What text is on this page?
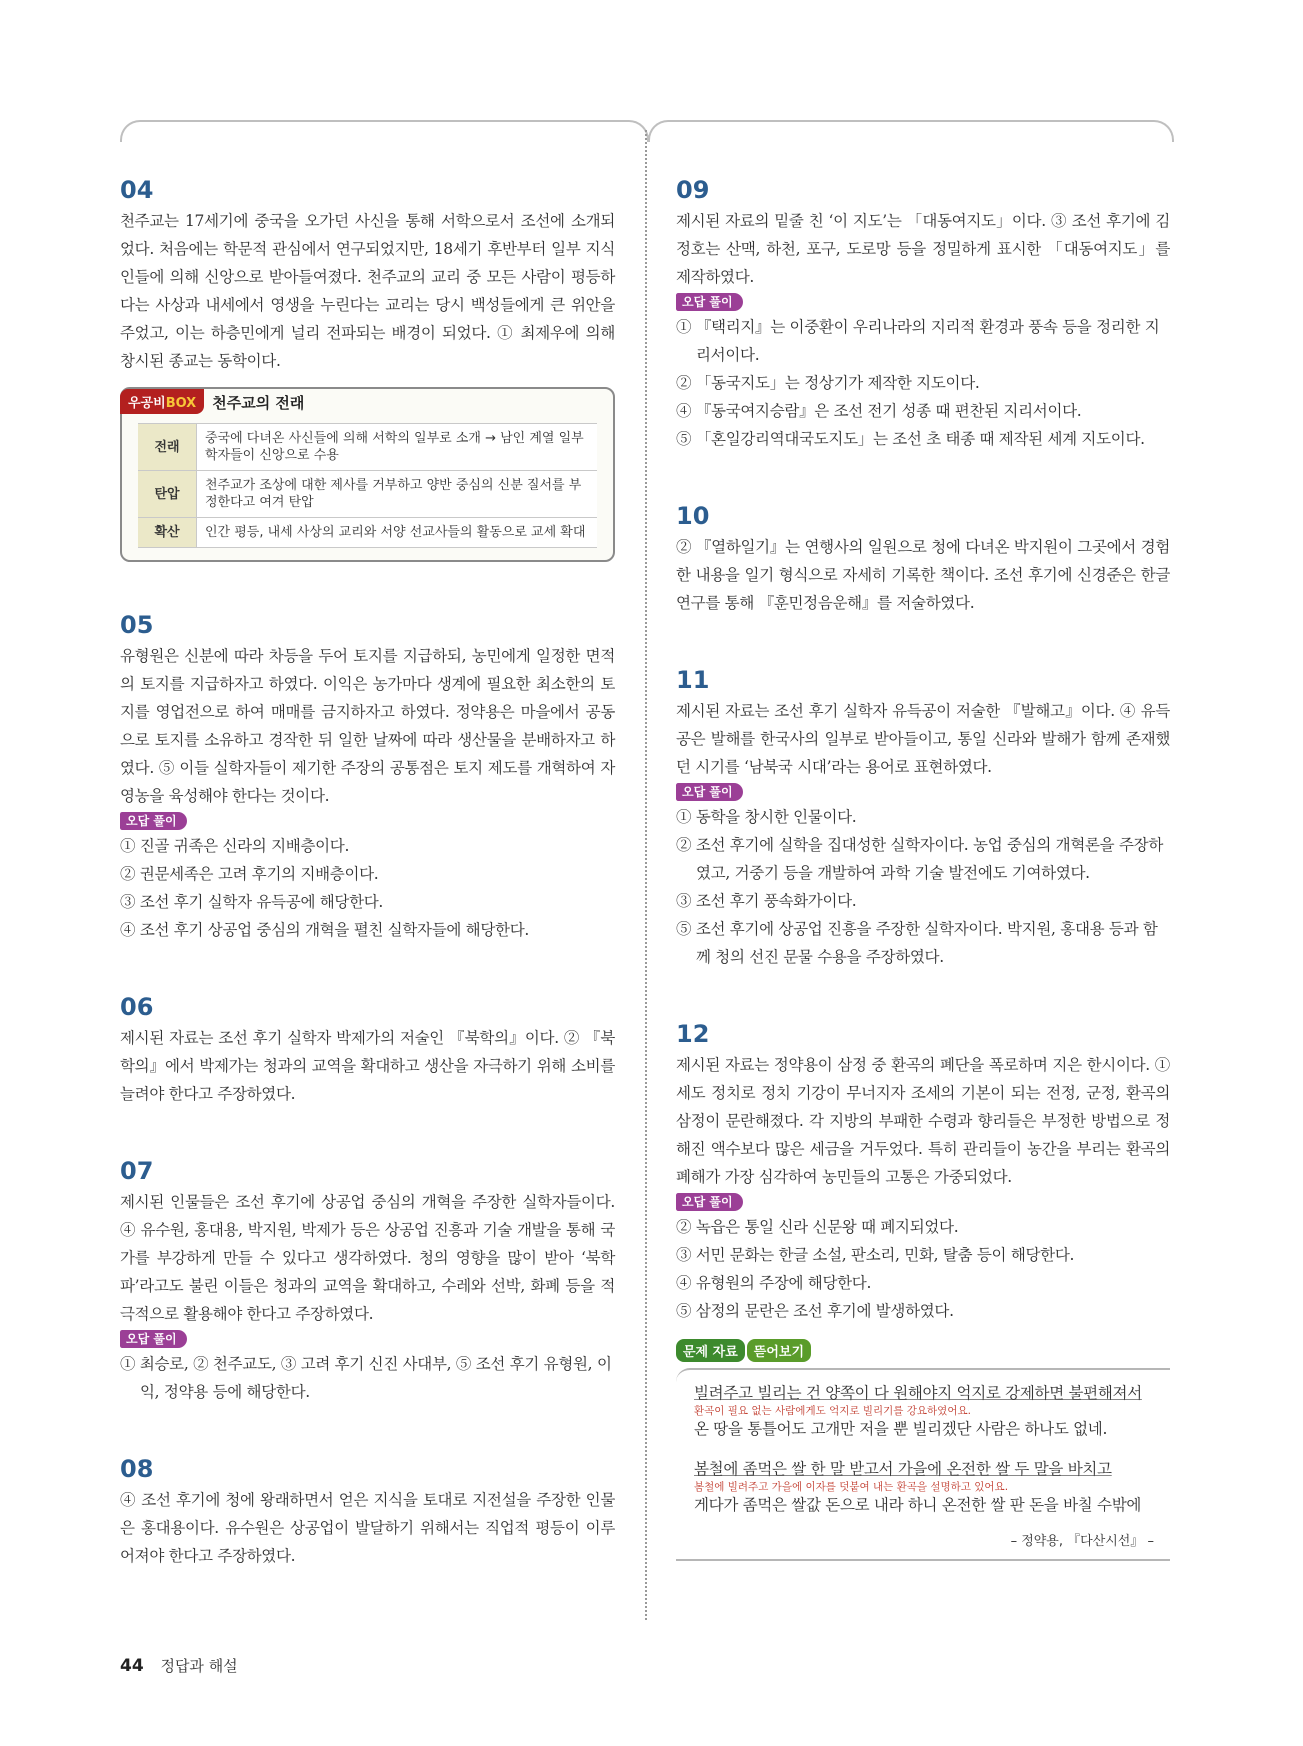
04

천주교는 17세기에 중국을 오가던 사신을 통해 서학으로서 조선에 소개되었다. 처음에는 학문적 관심에서 연구되었지만, 18세기 후반부터 일부 지식인들에 의해 신앙으로 받아들여졌다. 천주교의 교리 중 모든 사람이 평등하다는 사상과 내세에서 영생을 누린다는 교리는 당시 백성들에게 큰 위안을 주었고, 이는 하층민에게 널리 전파되는 배경이 되었다. ① 최제우에 의해 창시된 종교는 동학이다.

우공비BOX	천주교의 전래
전래	중국에 다녀온 사신들에 의해 서학의 일부로 소개 → 남인 계열 일부 학자들이 신앙으로 수용
탄압	천주교가 조상에 대한 제사를 거부하고 양반 중심의 신분 질서를 부정한다고 여겨 탄압
확산	인간 평등, 내세 사상의 교리와 서양 선교사들의 활동으로 교세 확대
05

유형원은 신분에 따라 차등을 두어 토지를 지급하되, 농민에게 일정한 면적의 토지를 지급하자고 하였다. 이익은 농가마다 생계에 필요한 최소한의 토지를 영업전으로 하여 매매를 금지하자고 하였다. 정약용은 마을에서 공동으로 토지를 소유하고 경작한 뒤 일한 날짜에 따라 생산물을 분배하자고 하였다. ⑤ 이들 실학자들이 제기한 주장의 공통점은 토지 제도를 개혁하여 자영농을 육성해야 한다는 것이다.

오답 풀이

① 진골 귀족은 신라의 지배층이다.

② 권문세족은 고려 후기의 지배층이다.

③ 조선 후기 실학자 유득공에 해당한다.

④ 조선 후기 상공업 중심의 개혁을 펼친 실학자들에 해당한다.

06

제시된 자료는 조선 후기 실학자 박제가의 저술인 『북학의』이다. ② 『북학의』에서 박제가는 청과의 교역을 확대하고 생산을 자극하기 위해 소비를 늘려야 한다고 주장하였다.

07

제시된 인물들은 조선 후기에 상공업 중심의 개혁을 주장한 실학자들이다. ④ 유수원, 홍대용, 박지원, 박제가 등은 상공업 진흥과 기술 개발을 통해 국가를 부강하게 만들 수 있다고 생각하였다. 청의 영향을 많이 받아 ‘북학파’라고도 불린 이들은 청과의 교역을 확대하고, 수레와 선박, 화폐 등을 적극적으로 활용해야 한다고 주장하였다.

오답 풀이

① 최승로, ② 천주교도, ③ 고려 후기 신진 사대부, ⑤ 조선 후기 유형원, 이익, 정약용 등에 해당한다.

08

④ 조선 후기에 청에 왕래하면서 얻은 지식을 토대로 지전설을 주장한 인물은 홍대용이다. 유수원은 상공업이 발달하기 위해서는 직업적 평등이 이루어져야 한다고 주장하였다.

09

제시된 자료의 밑줄 친 ‘이 지도’는 「대동여지도」이다. ③ 조선 후기에 김정호는 산맥, 하천, 포구, 도로망 등을 정밀하게 표시한 「대동여지도」를 제작하였다.

오답 풀이

① 『택리지』는 이중환이 우리나라의 지리적 환경과 풍속 등을 정리한 지리서이다.

② 「동국지도」는 정상기가 제작한 지도이다.

④ 『동국여지승람』은 조선 전기 성종 때 편찬된 지리서이다.

⑤ 「혼일강리역대국도지도」는 조선 초 태종 때 제작된 세계 지도이다.

10

② 『열하일기』는 연행사의 일원으로 청에 다녀온 박지원이 그곳에서 경험한 내용을 일기 형식으로 자세히 기록한 책이다. 조선 후기에 신경준은 한글 연구를 통해 『훈민정음운해』를 저술하였다.

11

제시된 자료는 조선 후기 실학자 유득공이 저술한 『발해고』이다. ④ 유득공은 발해를 한국사의 일부로 받아들이고, 통일 신라와 발해가 함께 존재했던 시기를 ‘남북국 시대’라는 용어로 표현하였다.

오답 풀이

① 동학을 창시한 인물이다.

② 조선 후기에 실학을 집대성한 실학자이다. 농업 중심의 개혁론을 주장하였고, 거중기 등을 개발하여 과학 기술 발전에도 기여하였다.

③ 조선 후기 풍속화가이다.

⑤ 조선 후기에 상공업 진흥을 주장한 실학자이다. 박지원, 홍대용 등과 함께 청의 선진 문물 수용을 주장하였다.

12

제시된 자료는 정약용이 삼정 중 환곡의 폐단을 폭로하며 지은 한시이다. ① 세도 정치로 정치 기강이 무너지자 조세의 기본이 되는 전정, 군정, 환곡의 삼정이 문란해졌다. 각 지방의 부패한 수령과 향리들은 부정한 방법으로 정해진 액수보다 많은 세금을 거두었다. 특히 관리들이 농간을 부리는 환곡의 폐해가 가장 심각하여 농민들의 고통은 가중되었다.

오답 풀이

② 녹읍은 통일 신라 신문왕 때 폐지되었다.

③ 서민 문화는 한글 소설, 판소리, 민화, 탈춤 등이 해당한다.

④ 유형원의 주장에 해당한다.

⑤ 삼정의 문란은 조선 후기에 발생하였다.

문제 자료	뜯어보기

빌려주고 빌리는 건 양쪽이 다 원해야지 억지로 강제하면 불편해져서

환곡이 필요 없는 사람에게도 억지로 빌리기를 강요하였어요.

온 땅을 통틀어도 고개만 저을 뿐 빌리겠단 사람은 하나도 없네.

봄철에 좀먹은 쌀 한 말 받고서 가을에 온전한 쌀 두 말을 바치고

봄철에 빌려주고 가을에 이자를 덧붙여 내는 환곡을 설명하고 있어요.

게다가 좀먹은 쌀값 돈으로 내라 하니 온전한 쌀 판 돈을 바칠 수밖에

– 정약용, 『다산시선』 –
44 정답과 해설
